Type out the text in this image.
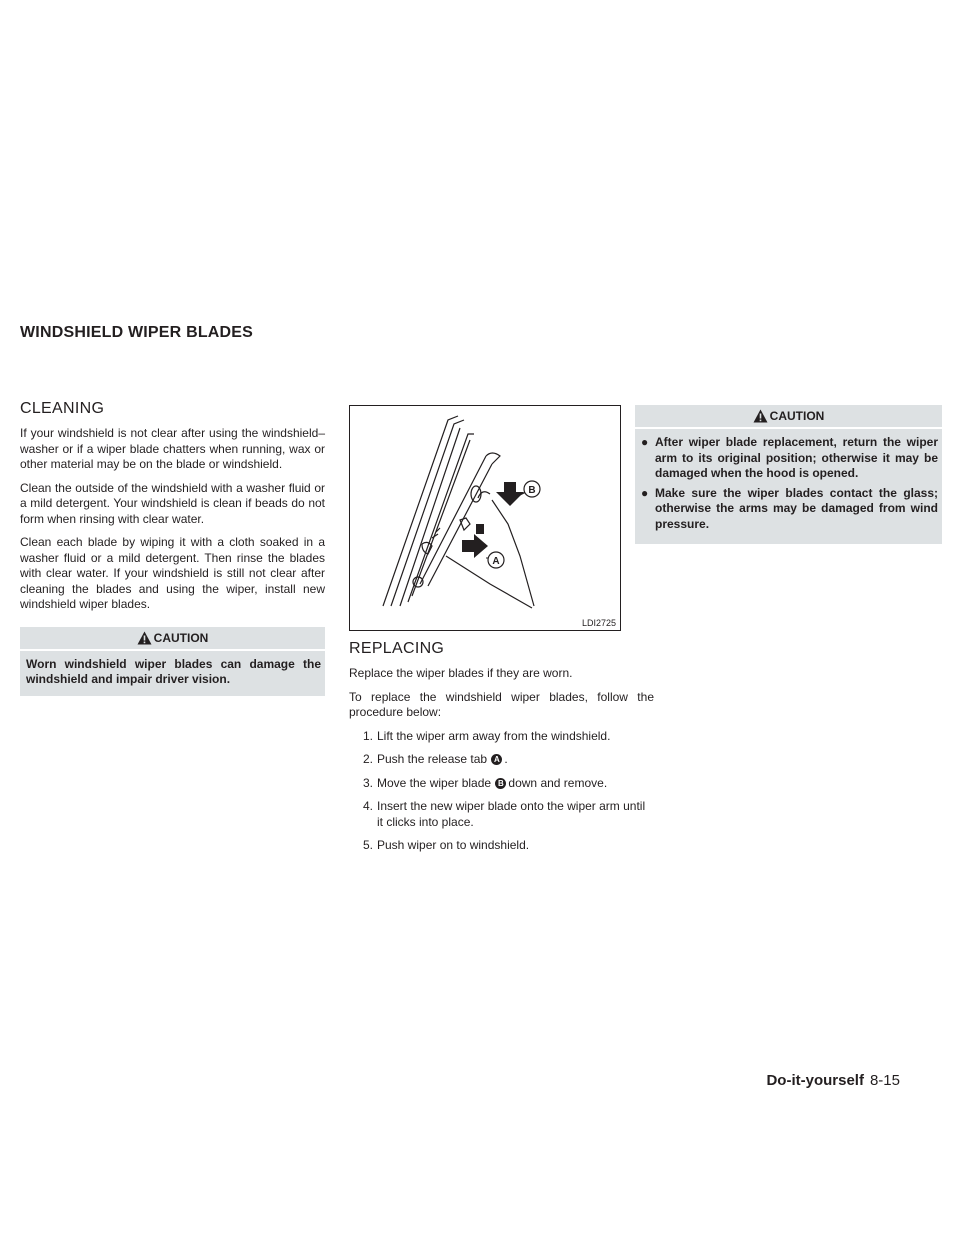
WINDSHIELD WIPER BLADES
CLEANING

If your windshield is not clear after using the windshield–washer or if a wiper blade chatters when running, wax or other material may be on the blade or windshield.

Clean the outside of the windshield with a washer fluid or a mild detergent. Your windshield is clean if beads do not form when rinsing with clear water.

Clean each blade by wiping it with a cloth soaked in a washer fluid or a mild detergent. Then rinse the blades with clear water. If your windshield is still not clear after cleaning the blades and using the wiper, install new windshield wiper blades.

CAUTION
Worn windshield wiper blades can damage the windshield and impair driver vision.
B
A
LDI2725
REPLACING

Replace the wiper blades if they are worn.

To replace the windshield wiper blades, follow the procedure below:

1. Lift the wiper arm away from the windshield.
2. Push the release tab A .
3. Move the wiper blade B down and remove.
4. Insert the new wiper blade onto the wiper arm until it clicks into place.
5. Push wiper on to windshield.
CAUTION
● After wiper blade replacement, return the wiper arm to its original position; otherwise it may be damaged when the hood is opened.
● Make sure the wiper blades contact the glass; otherwise the arms may be damaged from wind pressure.
Do-it-yourself 8-15
